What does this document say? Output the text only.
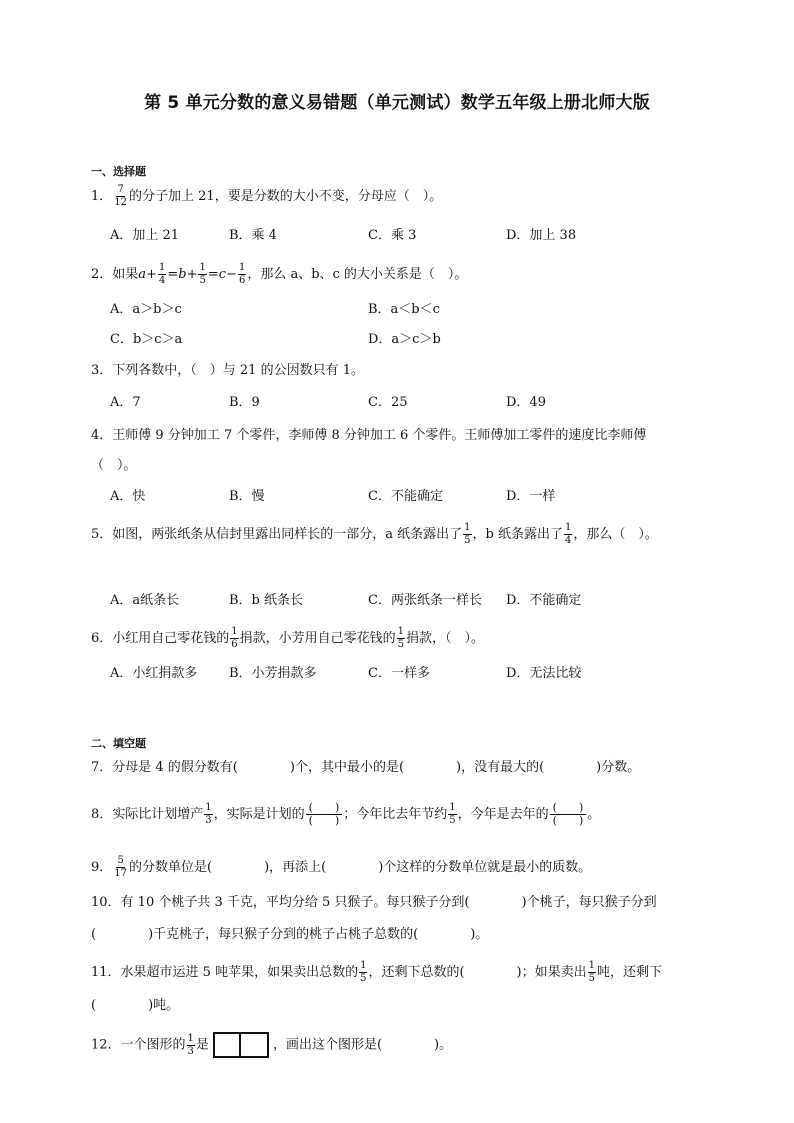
第 5 单元分数的意义易错题（单元测试）数学五年级上册北师大版
一、选择题
1． $\frac{7}{12}$ 的分子加上 21，要是分数的大小不变，分母应（　）。
A．加上 21	B．乘 4	C．乘 3	D．加上 38
2．如果$a+ \frac{1}{4} =b+ \frac{1}{5} =c- \frac{1}{6}$ ，那么 a、b、c 的大小关系是（　）。
A．a＞b＞c	B．a＜b＜c
C．b＞c＞a	D．a＞c＞b
3．下列各数中，（　）与 21 的公因数只有 1。
A．7	B．9	C．25	D．49
4．王师傅 9 分钟加工 7 个零件，李师傅 8 分钟加工 6 个零件。王师傅加工零件的速度比李师傅
（　）。
A．快	B．慢	C．不能确定	D．一样
5．如图，两张纸条从信封里露出同样长的一部分，a 纸条露出了 $\frac{1}{5}$ ，b 纸条露出了 $\frac{1}{4}$ ，那么（　）。
A．a纸条长	B．b 纸条长	C．两张纸条一样长 D．不能确定
6．小红用自己零花钱的 $\frac{1}{6}$ 捐款，小芳用自己零花钱的 $\frac{1}{5}$ 捐款，（　）。
A．小红捐款多 B．小芳捐款多	C．一样多	D．无法比较
二、填空题
7．分母是 4 的假分数有(　　　　)个，其中最小的是(　　　　)，没有最大的(　　　　)分数。
8．实际比计划增产 $\frac{1}{3}$ ，实际是计划的 $\frac{( )}{( )}$ ；今年比去年节约 $\frac{1}{5}$ ，今年是去年的 $\frac{( )}{( )}$ 。
9． $\frac{5}{17}$ 的分数单位是(　　　　)，再添上(　　　　)个这样的分数单位就是最小的质数。
10．有 10 个桃子共 3 千克，平均分给 5 只猴子。每只猴子分到(　　　　)个桃子，每只猴子分到
(　　　　)千克桃子，每只猴子分到的桃子占桃子总数的(　　　　)。
11．水果超市运进 5 吨苹果，如果卖出总数的 $\frac{1}{5}$ ，还剩下总数的(　　　　)；如果卖出 $\frac{1}{5}$ 吨，还剩下
(　　　　)吨。
12．一个图形的 $\frac{1}{3}$ 是	，画出这个图形是(　　　　)。
